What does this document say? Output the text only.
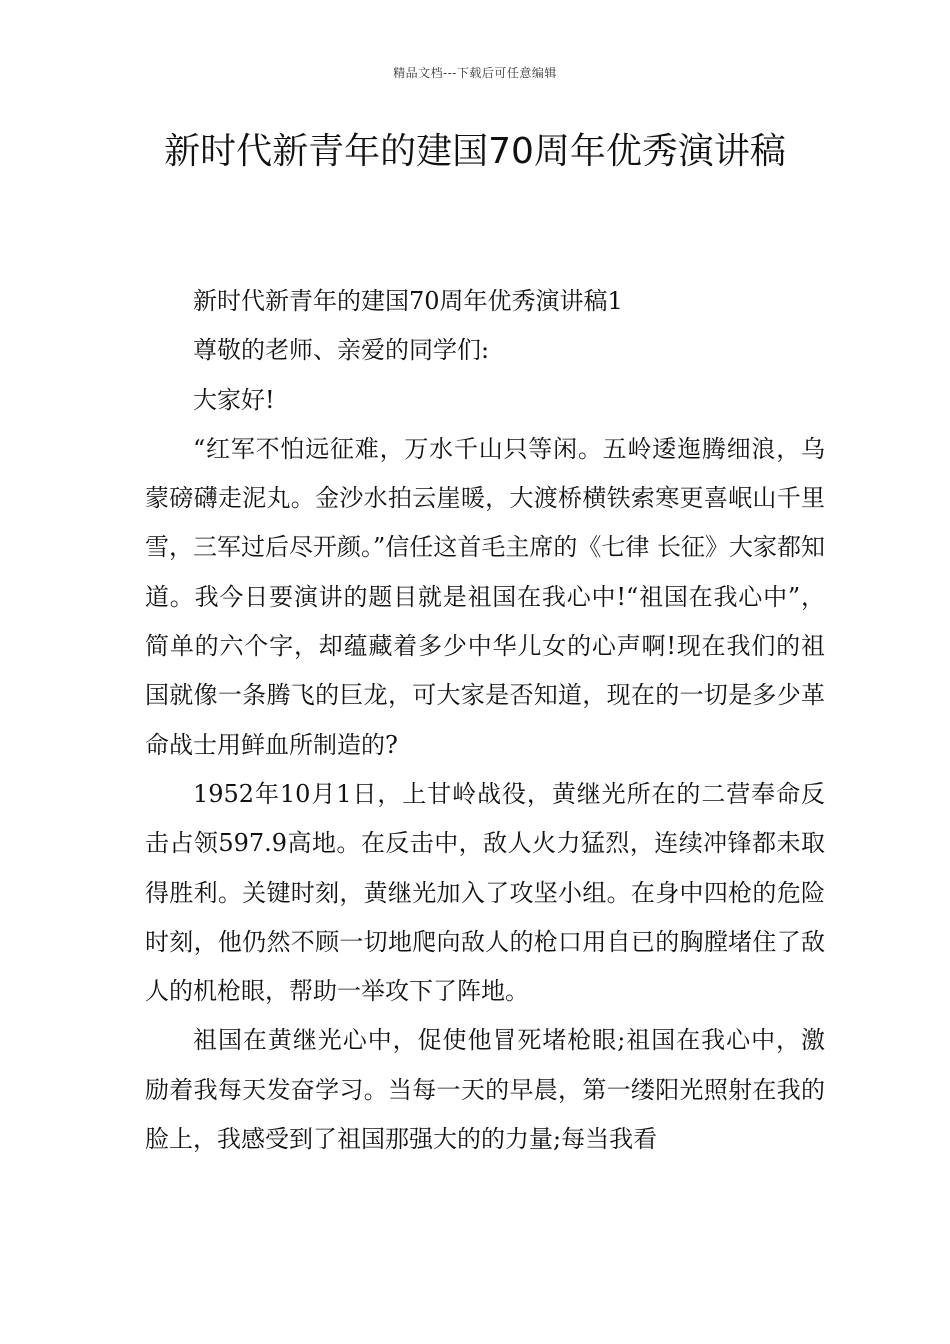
精品文档---下载后可任意编辑
新时代新青年的建国70周年优秀演讲稿

新时代新青年的建国70周年优秀演讲稿1

尊敬的老师、亲爱的同学们:

大家好!

“红军不怕远征难，万水千山只等闲。五岭逶迤腾细浪，乌蒙磅礴走泥丸。金沙水拍云崖暖，大渡桥横铁索寒更喜岷山千里雪，三军过后尽开颜。”信任这首毛主席的《七律 长征》大家都知道。我今日要演讲的题目就是祖国在我心中!“祖国在我心中”，简单的六个字，却蕴藏着多少中华儿女的心声啊!现在我们的祖国就像一条腾飞的巨龙，可大家是否知道，现在的一切是多少革命战士用鲜血所制造的?

1952年10月1日，上甘岭战役，黄继光所在的二营奉命反击占领597.9高地。在反击中，敌人火力猛烈，连续冲锋都未取得胜利。关键时刻，黄继光加入了攻坚小组。在身中四枪的危险时刻，他仍然不顾一切地爬向敌人的枪口用自已的胸膛堵住了敌人的机枪眼，帮助一举攻下了阵地。

祖国在黄继光心中，促使他冒死堵枪眼;祖国在我心中，激励着我每天发奋学习。当每一天的早晨，第一缕阳光照射在我的脸上，我感受到了祖国那强大的的力量;每当我看
